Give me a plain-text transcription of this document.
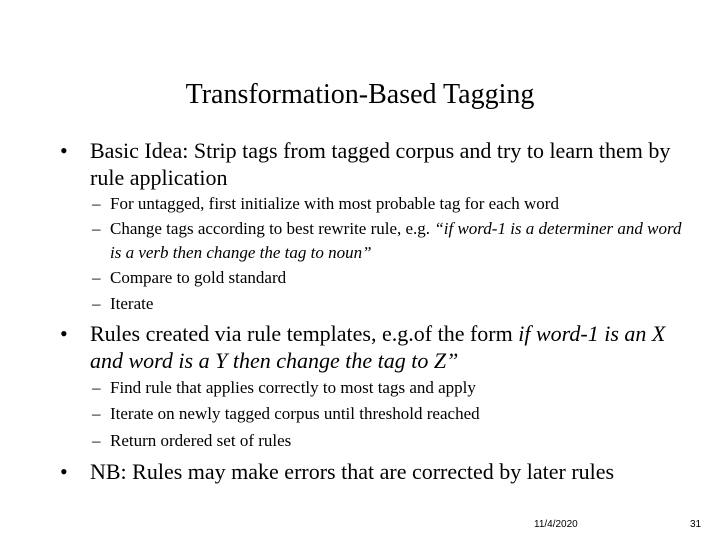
Transformation-Based Tagging
• Basic Idea: Strip tags from tagged corpus and try to learn them by rule application
– For untagged, first initialize with most probable tag for each word
– Change tags according to best rewrite rule, e.g. “if word-1 is a determiner and word is a verb then change the tag to noun”
– Compare to gold standard
– Iterate
• Rules created via rule templates, e.g.of the form if word-1 is an X and word is a Y then change the tag to Z”
– Find rule that applies correctly to most tags and apply
– Iterate on newly tagged corpus until threshold reached
– Return ordered set of rules
• NB: Rules may make errors that are corrected by later rules
11/4/2020	31
